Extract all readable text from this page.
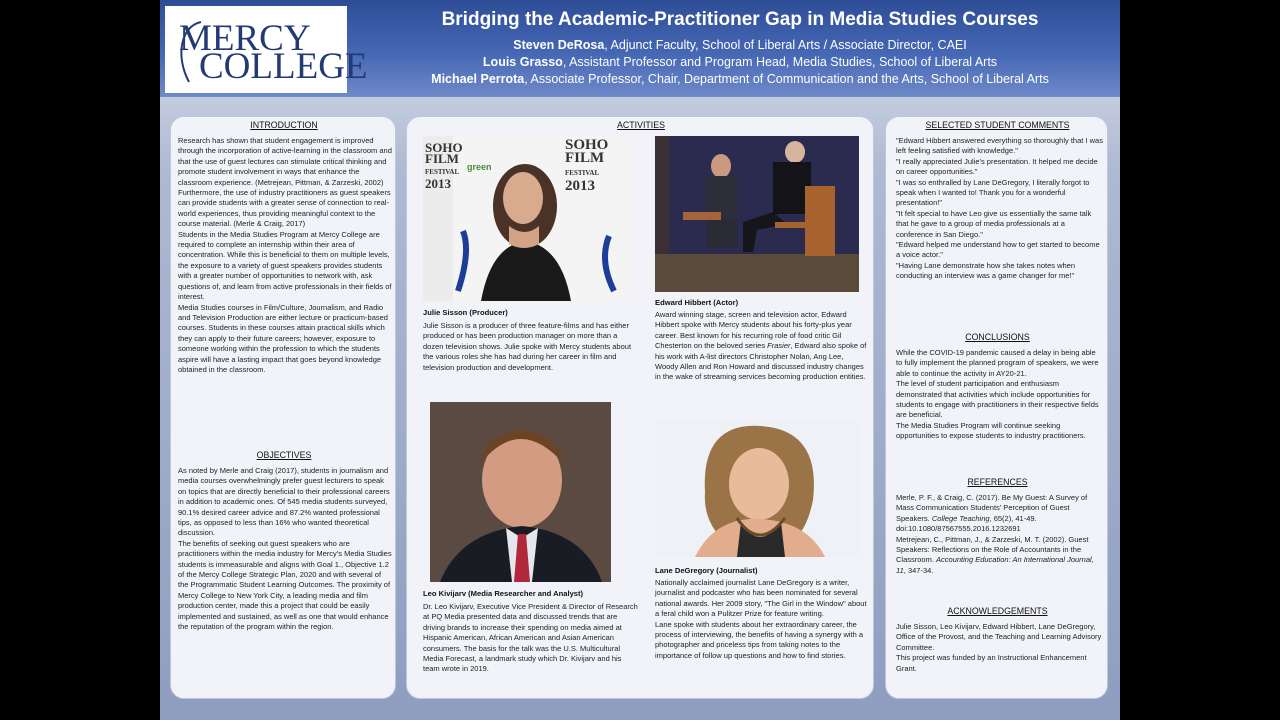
MERCY
COLLEGE
Bridging the Academic-Practitioner Gap in Media Studies Courses
Steven DeRosa, Adjunct Faculty, School of Liberal Arts / Associate Director, CAEI
Louis Grasso, Assistant Professor and Program Head, Media Studies, School of Liberal Arts
Michael Perrota, Associate Professor, Chair, Department of Communication and the Arts, School of Liberal Arts
INTRODUCTION

Research has shown that student engagement is improved through the incorporation of active-learning in the classroom and that the use of guest lectures can stimulate critical thinking and promote student involvement in ways that enhance the classroom experience. (Metrejean, Pittman, & Zarzeski, 2002) Furthermore, the use of industry practitioners as guest speakers can provide students with a greater sense of connection to real-world experiences, thus providing meaningful context to the course material. (Merle & Craig, 2017)

Students in the Media Studies Program at Mercy College are required to complete an internship within their area of concentration. While this is beneficial to them on multiple levels, the exposure to a variety of guest speakers provides students with a greater number of opportunities to network with, ask questions of, and learn from active professionals in their fields of interest.

Media Studies courses in Film/Culture, Journalism, and Radio and Television Production are either lecture or practicum-based courses. Students in these courses attain practical skills which they can apply to their future careers; however, exposure to someone working within the profession to which the students aspire will have a lasting impact that goes beyond knowledge obtained in the classroom.

OBJECTIVES

As noted by Merle and Craig (2017), students in journalism and media courses overwhelmingly prefer guest lecturers to speak on topics that are directly beneficial to their professional careers in addition to academic ones. Of 545 media students surveyed, 90.1% desired career advice and 87.2% wanted professional tips, as opposed to less than 16% who wanted theoretical discussion.

The benefits of seeking out guest speakers who are practitioners within the media industry for Mercy's Media Studies students is immeasurable and aligns with Goal 1., Objective 1.2 of the Mercy College Strategic Plan, 2020 and with several of the Programmatic Student Learning Outcomes. The proximity of Mercy College to New York City, a leading media and film production center, made this a project that could be easily implemented and sustained, as well as one that would enhance the reputation of the program within the region.

ACTIVITIES
SOHO
FILM
FESTIVAL
2013
SOHO
FILM
FESTIVAL
2013
green
Julie Sisson (Producer)
Julie Sisson is a producer of three feature-films and has either produced or has been production manager on more than a dozen television shows. Julie spoke with Mercy students about the various roles she has had during her career in film and television production and development.
Edward Hibbert (Actor)
Award winning stage, screen and television actor, Edward Hibbert spoke with Mercy students about his forty-plus year career. Best known for his recurring role of food critic Gil Chesterton on the beloved series Frasier, Edward also spoke of his work with A-list directors Christopher Nolan, Ang Lee, Woody Allen and Ron Howard and discussed industry changes in the wake of streaming services becoming production entities.
Leo Kivijarv (Media Researcher and Analyst)
Dr. Leo Kivijarv, Executive Vice President & Director of Research at PQ Media presented data and discussed trends that are driving brands to increase their spending on media aimed at Hispanic American, African American and Asian American consumers. The basis for the talk was the U.S. Multicultural Media Forecast, a landmark study which Dr. Kivijarv and his team wrote in 2019.
Lane DeGregory (Journalist)

Nationally acclaimed journalist Lane DeGregory is a writer, journalist and podcaster who has been nominated for several national awards. Her 2009 story, "The Girl in the Window" about a feral child won a Pulitzer Prize for feature writing.

Lane spoke with students about her extraordinary career, the process of interviewing, the benefits of having a synergy with a photographer and priceless tips from taking notes to the importance of follow up questions and how to find stories.

SELECTED STUDENT COMMENTS

"Edward Hibbert answered everything so thoroughly that I was left feeling satisfied with knowledge."

"I really appreciated Julie's presentation. It helped me decide on career opportunities."

"I was so enthralled by Lane DeGregory, I literally forgot to speak when I wanted to! Thank you for a wonderful presentation!"

"It felt special to have Leo give us essentially the same talk that he gave to a group of media professionals at a conference in San Diego."

"Edward helped me understand how to get started to become a voice actor."

"Having Lane demonstrate how she takes notes when conducting an interview was a game changer for me!"

CONCLUSIONS

While the COVID-19 pandemic caused a delay in being able to fully implement the planned program of speakers, we were able to continue the activity in AY20-21.

The level of student participation and enthusiasm demonstrated that activities which include opportunities for students to engage with practitioners in their respective fields are beneficial.

The Media Studies Program will continue seeking opportunities to expose students to industry practitioners.

REFERENCES

Merle, P. F., & Craig, C. (2017). Be My Guest: A Survey of Mass Communication Students' Perception of Guest Speakers. College Teaching, 65(2), 41-49. doi:10.1080/87567555.2016.1232691

Metrejean, C., Pittman, J., & Zarzeski, M. T. (2002). Guest Speakers: Reflections on the Role of Accountants in the Classroom. Accounting Education: An International Journal, 11, 347-34.

ACKNOWLEDGEMENTS

Julie Sisson, Leo Kivijarv, Edward Hibbert, Lane DeGregory, Office of the Provost, and the Teaching and Learning Advisory Committee.

This project was funded by an Instructional Enhancement Grant.
